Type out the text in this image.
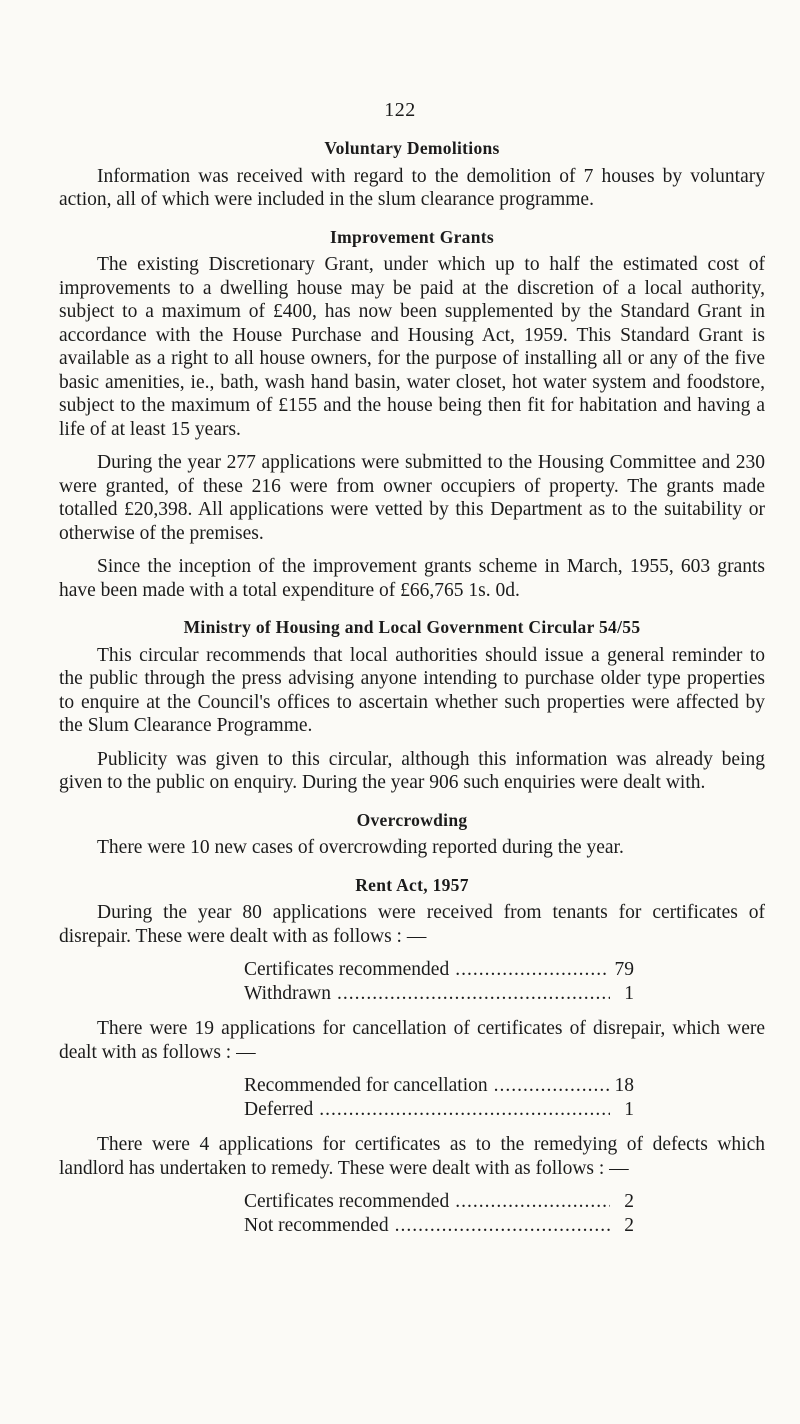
122
Voluntary Demolitions

Information was received with regard to the demolition of 7 houses by voluntary action, all of which were included in the slum clearance programme.

Improvement Grants

The existing Discretionary Grant, under which up to half the estimated cost of improvements to a dwelling house may be paid at the discretion of a local authority, subject to a maximum of £400, has now been supplemented by the Standard Grant in accordance with the House Purchase and Housing Act, 1959. This Standard Grant is available as a right to all house owners, for the purpose of installing all or any of the five basic amenities, ie., bath, wash hand basin, water closet, hot water system and foodstore, subject to the maximum of £155 and the house being then fit for habitation and having a life of at least 15 years.

During the year 277 applications were submitted to the Housing Committee and 230 were granted, of these 216 were from owner occupiers of property. The grants made totalled £20,398. All applications were vetted by this Department as to the suitability or otherwise of the premises.

Since the inception of the improvement grants scheme in March, 1955, 603 grants have been made with a total expenditure of £66,765 1s. 0d.

Ministry of Housing and Local Government Circular 54/55

This circular recommends that local authorities should issue a general reminder to the public through the press advising anyone intending to purchase older type properties to enquire at the Council's offices to ascertain whether such properties were affected by the Slum Clearance Programme.

Publicity was given to this circular, although this information was already being given to the public on enquiry. During the year 906 such enquiries were dealt with.

Overcrowding

There were 10 new cases of overcrowding reported during the year.

Rent Act, 1957

During the year 80 applications were received from tenants for certificates of disrepair. These were dealt with as follows : —

Certificates recommended .....	79
Withdrawn .....	1

There were 19 applications for cancellation of certificates of disrepair, which were dealt with as follows : —

Recommended for cancellation .....	18
Deferred .....	1

There were 4 applications for certificates as to the remedying of defects which landlord has undertaken to remedy. These were dealt with as follows : —

Certificates recommended .....	2
Not recommended .....	2
